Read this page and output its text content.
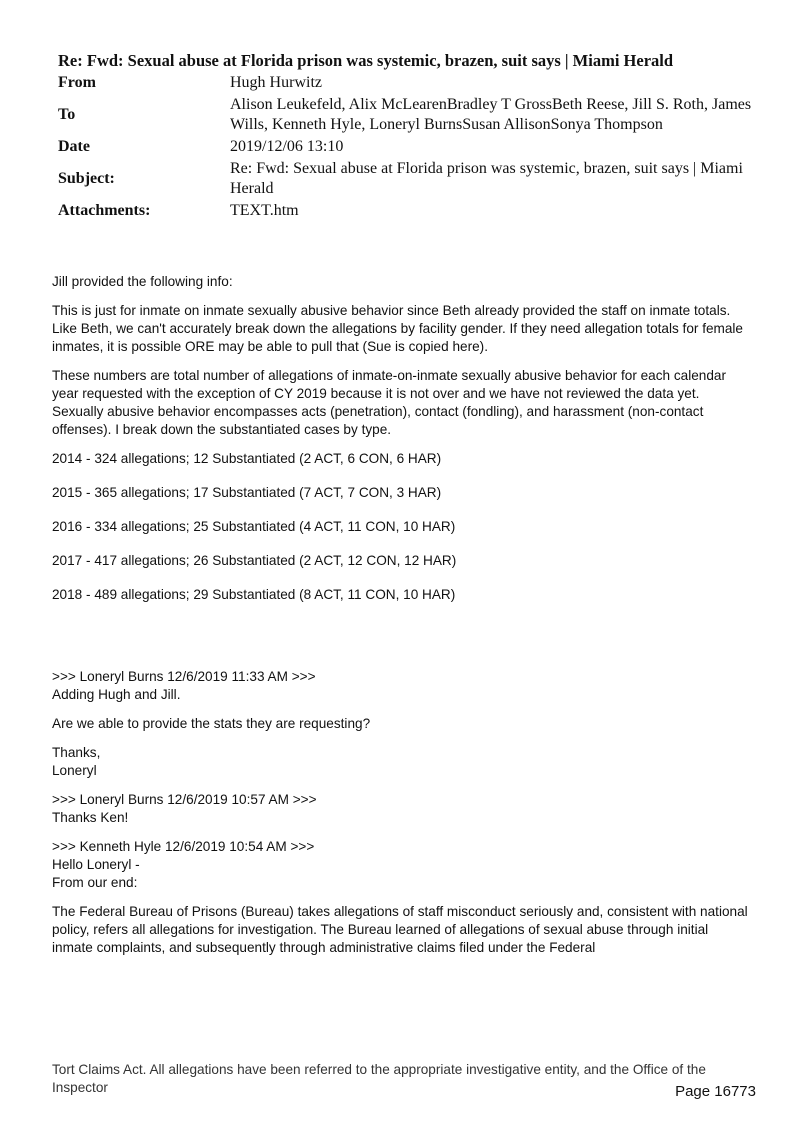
Re: Fwd: Sexual abuse at Florida prison was systemic, brazen, suit says | Miami Herald	
From	Hugh Hurwitz
To	Alison Leukefeld, Alix McLearenBradley T GrossBeth Reese, Jill S. Roth, James Wills, Kenneth Hyle, Loneryl BurnsSusan AllisonSonya Thompson
Date	2019/12/06 13:10
Subject:	Re: Fwd: Sexual abuse at Florida prison was systemic, brazen, suit says | Miami Herald
Attachments:	TEXT.htm

Jill provided the following info:

This is just for inmate on inmate sexually abusive behavior since Beth already provided the staff on inmate totals. Like Beth, we can't accurately break down the allegations by facility gender. If they need allegation totals for female inmates, it is possible ORE may be able to pull that (Sue is copied here).

These numbers are total number of allegations of inmate-on-inmate sexually abusive behavior for each calendar year requested with the exception of CY 2019 because it is not over and we have not reviewed the data yet. Sexually abusive behavior encompasses acts (penetration), contact (fondling), and harassment (non-contact offenses). I break down the substantiated cases by type.

2014 - 324 allegations; 12 Substantiated (2 ACT, 6 CON, 6 HAR)

2015 - 365 allegations; 17 Substantiated (7 ACT, 7 CON, 3 HAR)

2016 - 334 allegations; 25 Substantiated (4 ACT, 11 CON, 10 HAR)

2017 - 417 allegations; 26 Substantiated (2 ACT, 12 CON, 12 HAR)

2018 - 489 allegations; 29 Substantiated (8 ACT, 11 CON, 10 HAR)

>>> Loneryl Burns 12/6/2019 11:33 AM >>>
Adding Hugh and Jill.

Are we able to provide the stats they are requesting?

Thanks,
Loneryl

>>> Loneryl Burns 12/6/2019 10:57 AM >>>
Thanks Ken!

>>> Kenneth Hyle 12/6/2019 10:54 AM >>>
Hello Loneryl -
From our end:

The Federal Bureau of Prisons (Bureau) takes allegations of staff misconduct seriously and, consistent with national policy, refers all allegations for investigation. The Bureau learned of allegations of sexual abuse through initial inmate complaints, and subsequently through administrative claims filed under the Federal

Tort Claims Act. All allegations have been referred to the appropriate investigative entity, and the Office of the Inspector	Page 16773
